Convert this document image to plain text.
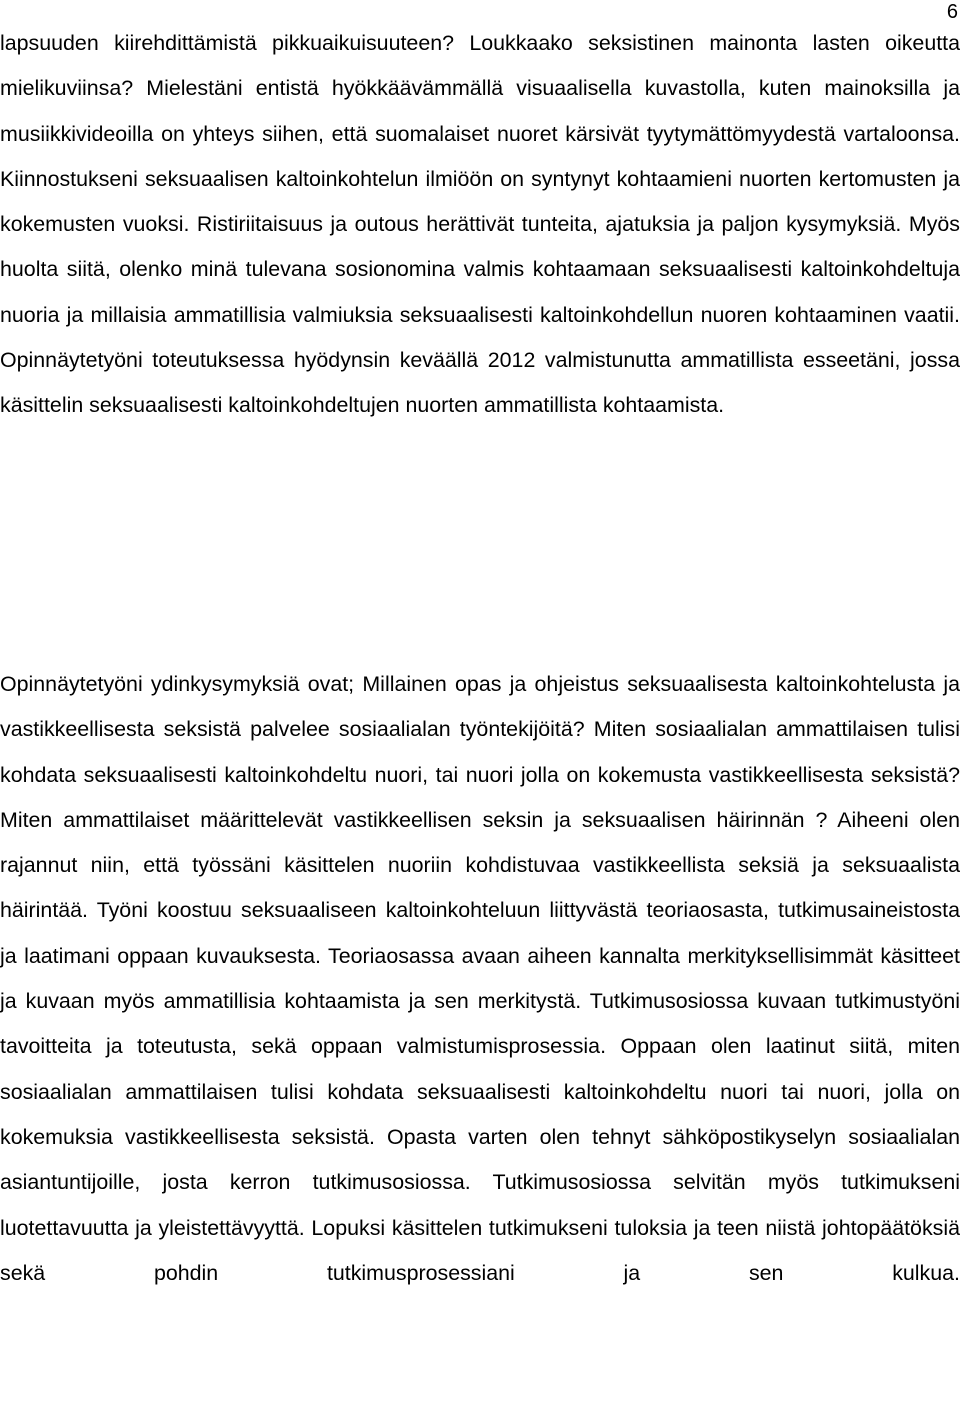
6

lapsuuden kiirehdittämistä pikkuaikuisuuteen? Loukkaako seksistinen mainonta lasten oikeutta mielikuviinsa? Mielestäni entistä hyökkäävämmällä visuaalisella kuvastolla, kuten mainoksilla ja musiikkivideoilla on yhteys siihen, että suomalaiset nuoret kärsivät tyytymättömyydestä vartaloonsa. Kiinnostukseni seksuaalisen kaltoinkohtelun ilmiöön on syntynyt kohtaamieni nuorten kertomusten ja kokemusten vuoksi. Ristiriitaisuus ja outous herättivät tunteita, ajatuksia ja paljon kysymyksiä. Myös huolta siitä, olenko minä tulevana sosionomina valmis kohtaamaan seksuaalisesti kaltoinkohdeltuja nuoria ja millaisia ammatillisia valmiuksia seksuaalisesti kaltoinkohdellun nuoren kohtaaminen vaatii. Opinnäytetyöni toteutuksessa hyödynsin keväällä 2012 valmistunutta ammatillista esseetäni, jossa käsittelin seksuaalisesti kaltoinkohdeltujen nuorten ammatillista kohtaamista.

Opinnäytetyöni ydinkysymyksiä ovat; Millainen opas ja ohjeistus seksuaalisesta kaltoinkohtelusta ja vastikkeellisesta seksistä palvelee sosiaalialan työntekijöitä? Miten sosiaalialan ammattilaisen tulisi kohdata seksuaalisesti kaltoinkohdeltu nuori, tai nuori jolla on kokemusta vastikkeellisesta seksistä? Miten ammattilaiset määrittelevät vastikkeellisen seksin ja seksuaalisen häirinnän ? Aiheeni olen rajannut niin, että työssäni käsittelen nuoriin kohdistuvaa vastikkeellista seksiä ja seksuaalista häirintää. Työni koostuu seksuaaliseen kaltoinkohteluun liittyvästä teoriaosasta, tutkimusaineistosta ja laatimani oppaan kuvauksesta. Teoriaosassa avaan aiheen kannalta merkityksellisimmät käsitteet ja kuvaan myös ammatillisia kohtaamista ja sen merkitystä. Tutkimusosiossa kuvaan tutkimustyöni tavoitteita ja toteutusta, sekä oppaan valmistumisprosessia. Oppaan olen laatinut siitä, miten sosiaalialan ammattilaisen tulisi kohdata seksuaalisesti kaltoinkohdeltu nuori tai nuori, jolla on kokemuksia vastikkeellisesta seksistä. Opasta varten olen tehnyt sähköpostikyselyn sosiaalialan asiantuntijoille, josta kerron tutkimusosiossa. Tutkimusosiossa selvitän myös tutkimukseni luotettavuutta ja yleistettävyyttä. Lopuksi käsittelen tutkimukseni tuloksia ja teen niistä johtopäätöksiä sekä pohdin tutkimusprosessiani ja sen kulkua.
